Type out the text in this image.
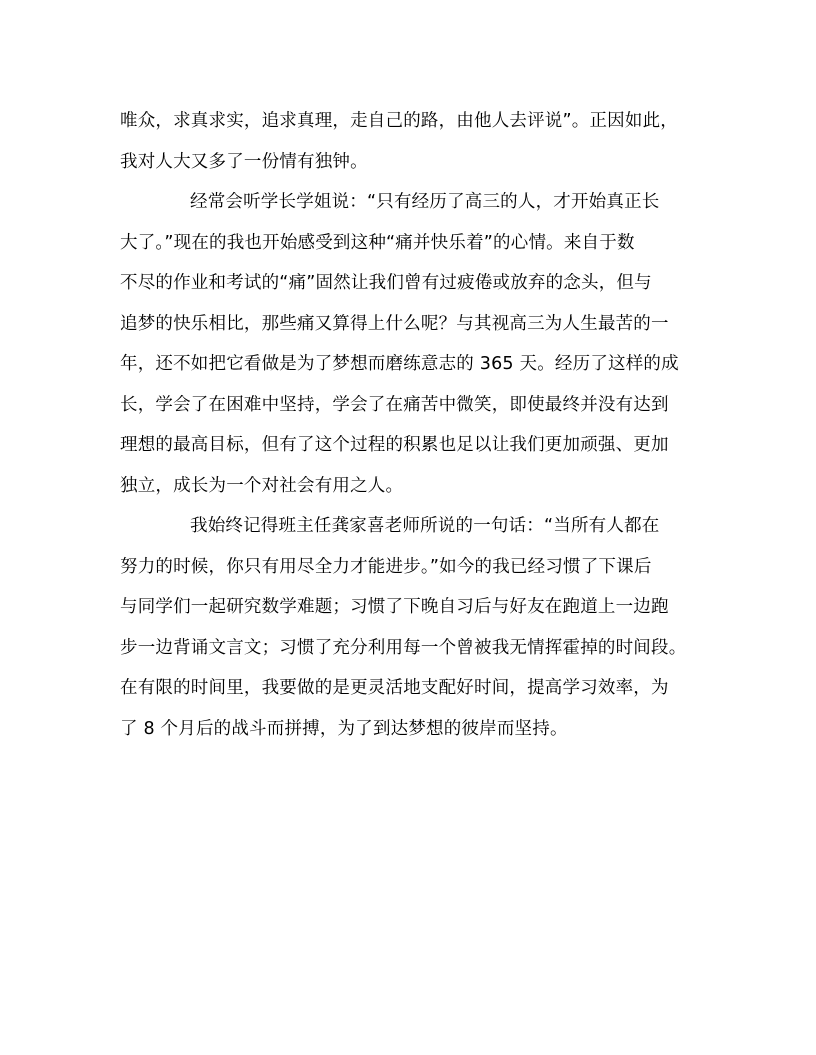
唯众，求真求实，追求真理，走自己的路，由他人去评说”。正因如此，
我对人大又多了一份情有独钟。
经常会听学长学姐说：“只有经历了高三的人，才开始真正长
大了。”现在的我也开始感受到这种“痛并快乐着”的心情。来自于数
不尽的作业和考试的“痛”固然让我们曾有过疲倦或放弃的念头，但与
追梦的快乐相比，那些痛又算得上什么呢？与其视高三为人生最苦的一
年，还不如把它看做是为了梦想而磨练意志的 365 天。经历了这样的成
长，学会了在困难中坚持，学会了在痛苦中微笑，即使最终并没有达到
理想的最高目标，但有了这个过程的积累也足以让我们更加顽强、更加
独立，成长为一个对社会有用之人。
我始终记得班主任龚家喜老师所说的一句话：“当所有人都在
努力的时候，你只有用尽全力才能进步。”如今的我已经习惯了下课后
与同学们一起研究数学难题；习惯了下晚自习后与好友在跑道上一边跑
步一边背诵文言文；习惯了充分利用每一个曾被我无情挥霍掉的时间段。
在有限的时间里，我要做的是更灵活地支配好时间，提高学习效率，为
了 8 个月后的战斗而拼搏，为了到达梦想的彼岸而坚持。
